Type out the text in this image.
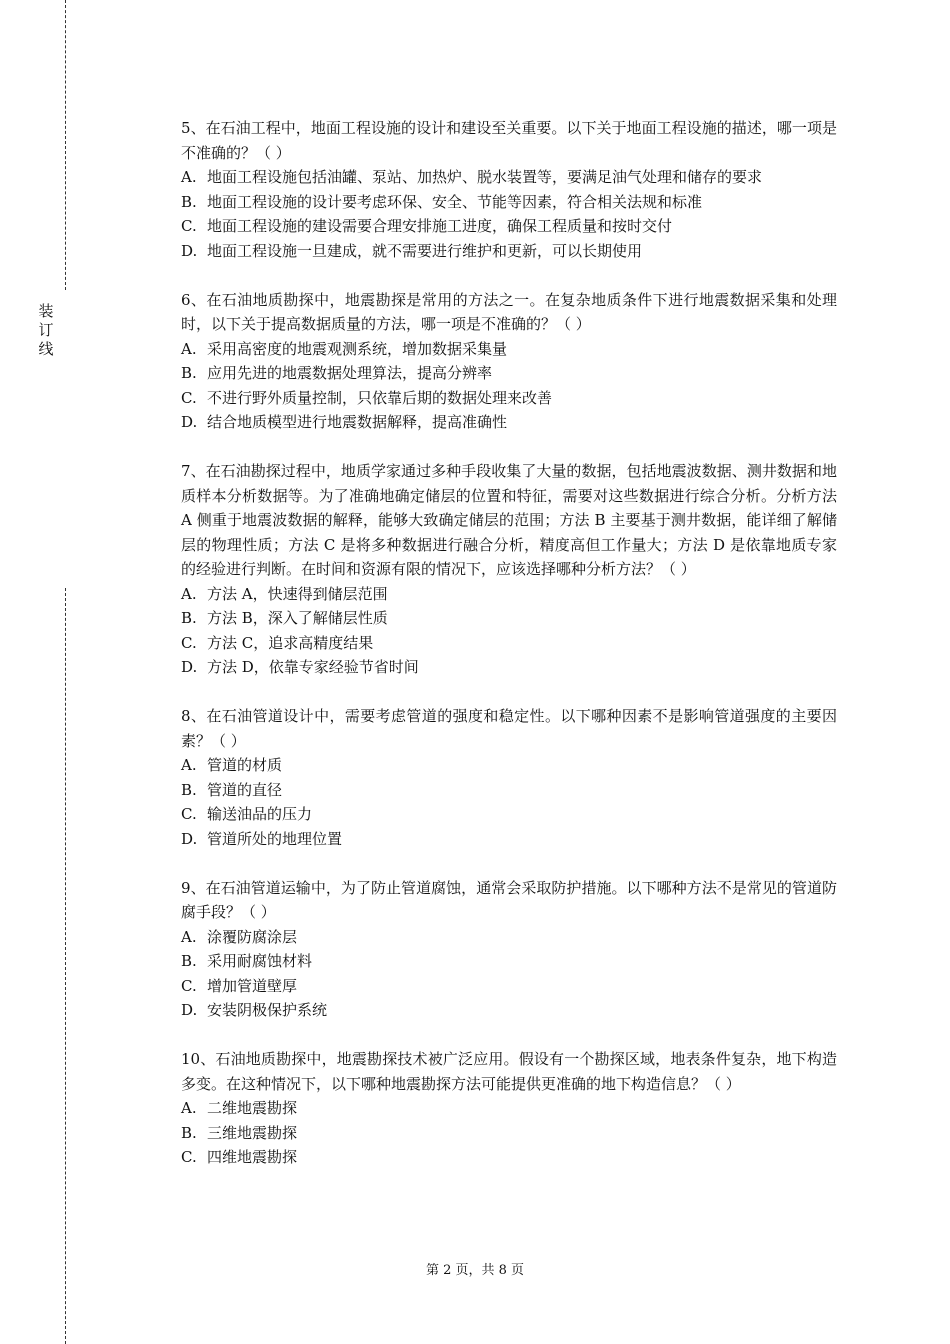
装
订
线

5、在石油工程中，地面工程设施的设计和建设至关重要。以下关于地面工程设施的描述，哪一项是不准确的？（ ）

A. 地面工程设施包括油罐、泵站、加热炉、脱水装置等，要满足油气处理和储存的要求
B. 地面工程设施的设计要考虑环保、安全、节能等因素，符合相关法规和标准
C. 地面工程设施的建设需要合理安排施工进度，确保工程质量和按时交付
D. 地面工程设施一旦建成，就不需要进行维护和更新，可以长期使用

6、在石油地质勘探中，地震勘探是常用的方法之一。在复杂地质条件下进行地震数据采集和处理时，以下关于提高数据质量的方法，哪一项是不准确的？（ ）

A. 采用高密度的地震观测系统，增加数据采集量
B. 应用先进的地震数据处理算法，提高分辨率
C. 不进行野外质量控制，只依靠后期的数据处理来改善
D. 结合地质模型进行地震数据解释，提高准确性

7、在石油勘探过程中，地质学家通过多种手段收集了大量的数据，包括地震波数据、测井数据和地质样本分析数据等。为了准确地确定储层的位置和特征，需要对这些数据进行综合分析。分析方法 A 侧重于地震波数据的解释，能够大致确定储层的范围；方法 B 主要基于测井数据，能详细了解储层的物理性质；方法 C 是将多种数据进行融合分析，精度高但工作量大；方法 D 是依靠地质专家的经验进行判断。在时间和资源有限的情况下，应该选择哪种分析方法？（ ）

A. 方法 A，快速得到储层范围
B. 方法 B，深入了解储层性质
C. 方法 C，追求高精度结果
D. 方法 D，依靠专家经验节省时间

8、在石油管道设计中，需要考虑管道的强度和稳定性。以下哪种因素不是影响管道强度的主要因素？（ ）

A. 管道的材质
B. 管道的直径
C. 输送油品的压力
D. 管道所处的地理位置

9、在石油管道运输中，为了防止管道腐蚀，通常会采取防护措施。以下哪种方法不是常见的管道防腐手段？（ ）

A. 涂覆防腐涂层
B. 采用耐腐蚀材料
C. 增加管道壁厚
D. 安装阴极保护系统

10、石油地质勘探中，地震勘探技术被广泛应用。假设有一个勘探区域，地表条件复杂，地下构造多变。在这种情况下，以下哪种地震勘探方法可能提供更准确的地下构造信息？（ ）

A. 二维地震勘探
B. 三维地震勘探
C. 四维地震勘探
第 2 页，共 8 页
